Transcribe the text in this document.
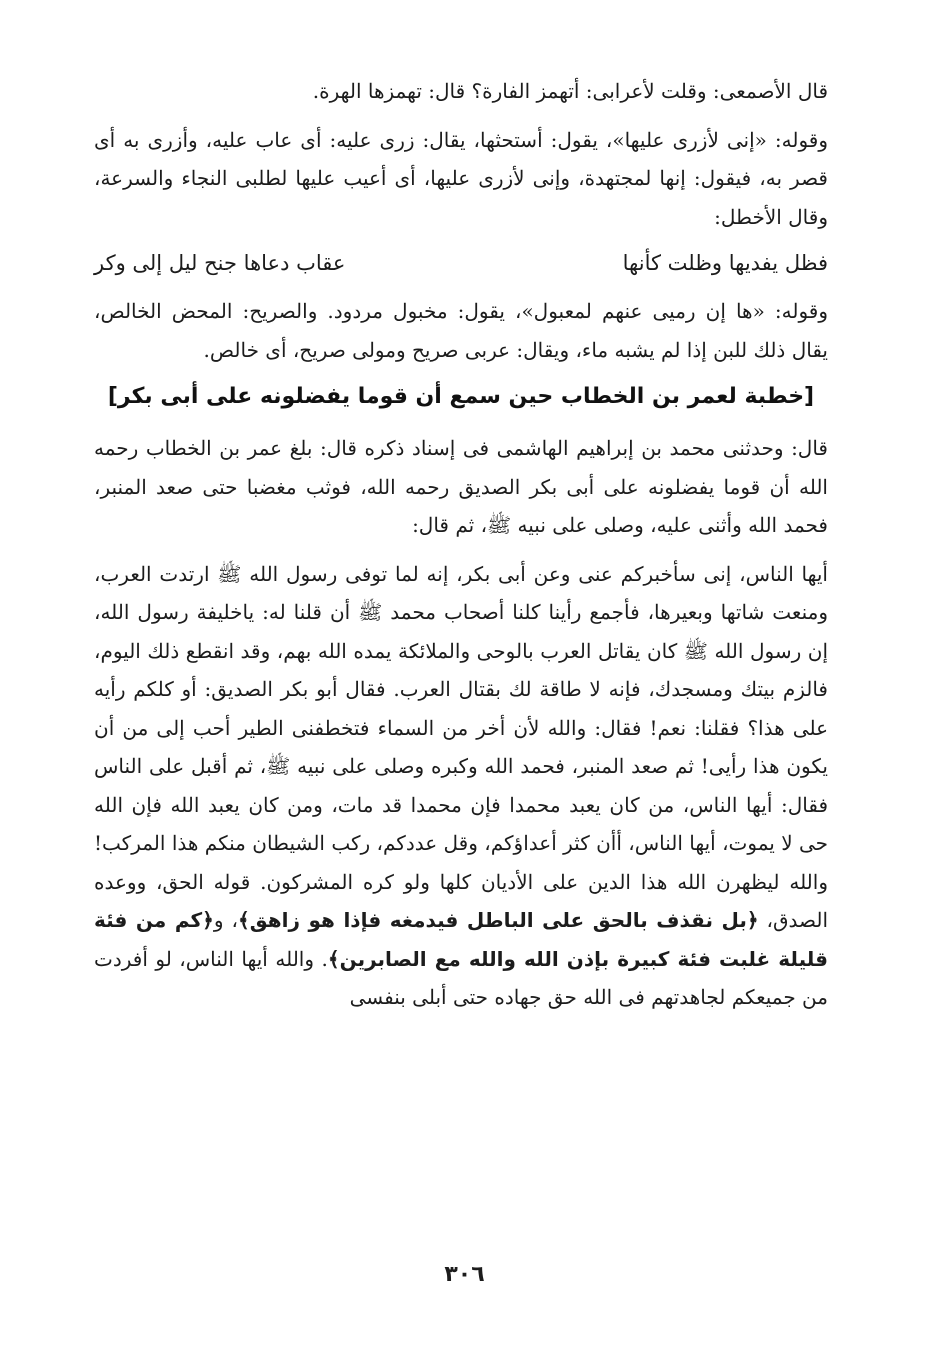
قال الأصمعى: وقلت لأعرابى: أتهمز الفارة؟ قال: تهمزها الهرة.

وقوله: «إنى لأزرى عليها»، يقول: أستحثها، يقال: زرى عليه: أى عاب عليه، وأزرى به أى قصر به، فيقول: إنها لمجتهدة، وإنى لأزرى عليها، أى أعيب عليها لطلبى النجاء والسرعة، وقال الأخطل:

فظل يفديها وظلت كأنها
عقاب دعاها جنح ليل إلى وكر

وقوله: «ها إن رميى عنهم لمعبول»، يقول: مخبول مردود. والصريح: المحض الخالص، يقال ذلك للبن إذا لم يشبه ماء، ويقال: عربى صريح ومولى صريح، أى خالص.

[خطبة لعمر بن الخطاب حين سمع أن قوما يفضلونه على أبى بكر]

قال: وحدثنى محمد بن إبراهيم الهاشمى فى إسناد ذكره قال: بلغ عمر بن الخطاب رحمه الله أن قوما يفضلونه على أبى بكر الصديق رحمه الله، فوثب مغضبا حتى صعد المنبر، فحمد الله وأثنى عليه، وصلى على نبيه ﷺ، ثم قال:

أيها الناس، إنى سأخبركم عنى وعن أبى بكر، إنه لما توفى رسول الله ﷺ ارتدت العرب، ومنعت شاتها وبعيرها، فأجمع رأينا كلنا أصحاب محمد ﷺ أن قلنا له: ياخليفة رسول الله، إن رسول الله ﷺ كان يقاتل العرب بالوحى والملائكة يمده الله بهم، وقد انقطع ذلك اليوم، فالزم بيتك ومسجدك، فإنه لا طاقة لك بقتال العرب. فقال أبو بكر الصديق: أو كلكم رأيه على هذا؟ فقلنا: نعم! فقال: والله لأن أخر من السماء فتخطفنى الطير أحب إلى من أن يكون هذا رأيى! ثم صعد المنبر، فحمد الله وكبره وصلى على نبيه ﷺ، ثم أقبل على الناس فقال: أيها الناس، من كان يعبد محمدا فإن محمدا قد مات، ومن كان يعبد الله فإن الله حى لا يموت، أيها الناس، أأن كثر أعداؤكم، وقل عددكم، ركب الشيطان منكم هذا المركب! والله ليظهرن الله هذا الدين على الأديان كلها ولو كره المشركون. قوله الحق، ووعده الصدق، ﴿بل نقذف بالحق على الباطل فيدمغه فإذا هو زاهق﴾، و﴿كم من فئة قليلة غلبت فئة كبيرة بإذن الله والله مع الصابرين﴾. والله أيها الناس، لو أفردت من جميعكم لجاهدتهم فى الله حق جهاده حتى أبلى بنفسى

٣٠٦
